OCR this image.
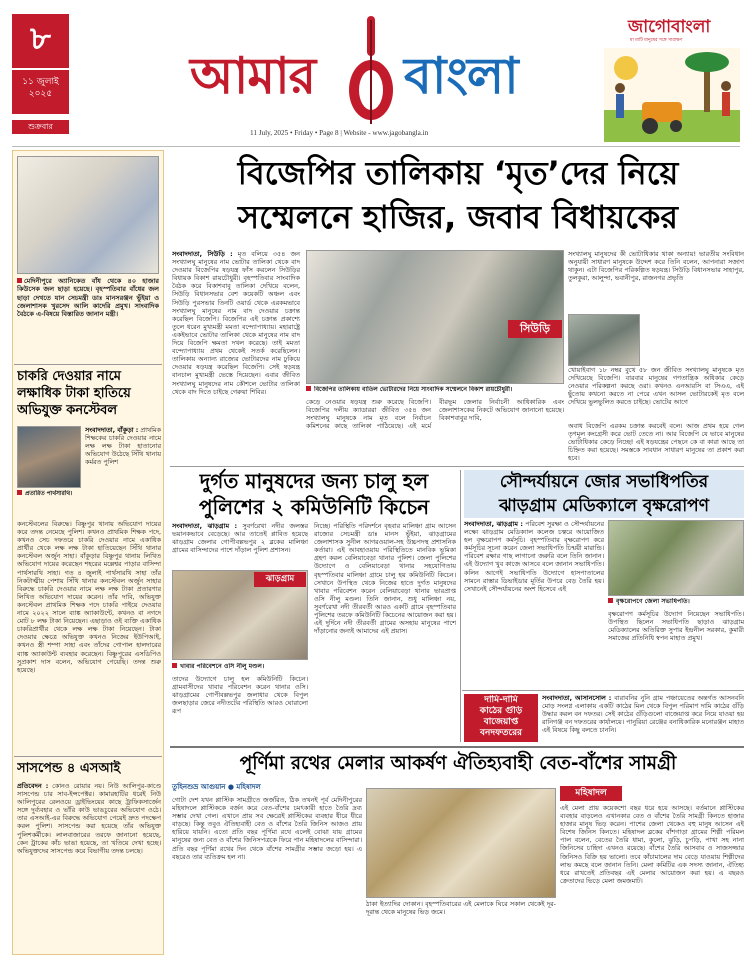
৮
১১ জুলাই ২০২৫
শুক্রবার
আমার বাংলা
11 July, 2025 • Friday • Page 8 | Website - www.jagobangla.in
জাগোবাংলা
মা মাটি মানুষের সঙ্গে সারাক্ষণ
মেদিনীপুরে অ্যানিকেত বাঁধ থেকে ৪০ হাজার কিউসেক জল ছাড়া হয়েছে। বৃহস্পতিবার বাঁধের জল ছাড়া দেখতে যান সেচমন্ত্রী ডাঃ মানসরঞ্জন ভুঁইয়া ও জেলাশাসক খুরসেদ আলি কাদেরি প্রমুখ। সাংবাদিক বৈঠকে এ-বিষয়ে বিস্তারিত জানান মন্ত্রী।
চাকরি দেওয়ার নামে লক্ষাধিক টাকা হাতিয়ে অভিযুক্ত কনস্টেবল
সংবাদদাতা, বাঁকুড়া : প্রাথমিক শিক্ষকের চাকরি দেওয়ার নামে লক্ষ লক্ষ টাকা হাতানোর অভিযোগ উঠেছে সিঁথি থানায় কর্মরত পুলিশ
প্রতারিত পার্থসারথি।
কনস্টেবলের বিরুদ্ধে। বিষ্ণুপুর থানায় অভিযোগ দায়ের করে তদন্ত নেমেছে পুলিশ। কখনও প্রাথমিক শিক্ষক পদে, কখনও সেচ দফতরে চাকরি দেওয়ার নামে একাধিক প্রার্থীর থেকে লক্ষ লক্ষ টাকা হাতিয়েছেন সিঁথি থানার কনস্টেবল অর্জুন সাহা। বাঁকুড়ার বিষ্ণুপুর থানায় লিখিত অভিযোগ দায়ের করেছেন শহরের মল্লেশ্বর পাড়ার বাসিন্দা পার্থসারথি সাহা। গত ৪ জুলাই পার্থসারথি সাহা তাঁর নিকটাত্মীয় পেশায় সিঁথি থানার কনস্টেবল অর্জুন সাহার বিরুদ্ধে চাকরি দেওয়ার নামে লক্ষ লক্ষ টাকা প্রতারণার লিখিত অভিযোগ দায়ের করেন। তাঁর দাবি, অভিযুক্ত কনস্টেবল প্রাথমিক শিক্ষক পদে চাকরি পাইয়ে দেওয়ার নামে ২০২২ সালে ব্যাঙ্ক অ্যাকাউন্টে, কখনও বা নগদে মোট ৮ লক্ষ টাকা নিয়েছেন। এছাড়াও ওই ব্যক্তি একাধিক চাকরিপ্রার্থীর থেকে লক্ষ লক্ষ টাকা নিয়েছেন। টাকা দেওয়ার ক্ষেত্রে অভিযুক্ত কখনও নিজের ইউপিআই, কখনও স্ত্রী শম্পা সাহা এবং তাঁদের গোপাল হালদারের ব্যাঙ্ক অ্যাকাউন্ট ব্যবহার করেছেন। বিষ্ণুপুরের এসডিপিও সুপ্রকাশ দাস বলেন, অভিযোগ পেয়েছি। তদন্ত শুরু হয়েছে।
সাসপেন্ড ৪ এসআই
প্রতিবেদন : কোনও রোয়ার নয়। নিউ আলিপুর-কাণ্ডে সাসপেন্ড চার সাব-ইন্সপেক্টর। কামারহাটির ধরেই নিউ আলিপুরের রেলওয়ে ড্রাইভিংয়ের কাছে ট্রাফিকসার্জেন সঙ্গে দুর্ব্যবহার ও ভাঁরি কাউ ভাঙচুরের অভিযোগ ওঠে। তার এসআই-এর বিরুদ্ধে অভিযোগ পেয়েই দ্রুত পদক্ষেপ করল পুলিশ। সাসপেন্ড করা হয়েছে তাঁর অভিযুক্ত পুলিশকর্মীকে। লালবাজারের তরফে জানানো হয়েছে, কেন ট্রাকের কাঁচ ভাঙা হয়েছে, তা খতিয়ে দেখা হচ্ছে। অভিযুক্তদের সাসপেন্ড করে বিভাগীয় তদন্ত চলছে।
বিজেপির তালিকায় ‘মৃত’দের নিয়ে
সম্মেলনে হাজির, জবাব বিধায়কের
সংবাদদাতা, সিউড়ি : মৃত বলিয়ে ৩৫৪ জন সংখ্যালঘু মানুষের নাম ভোটার তালিকা থেকে বাদ দেওয়ার বিজেপির ষড়যন্ত্র ফাঁস করলেন সিউড়ির বিধায়ক বিকাশ রায়চৌধুরী। বৃহস্পতিবার সাংবাদিক বৈঠক করে বিকাশবাবু তালিকা দেখিয়ে বলেন, সিউড়ি বিধানসভার বেশ কয়েকটি অঞ্চল এবং সিউড়ি পুরসভার তিনটি ওয়ার্ড থেকে এরকমভাবে সংখ্যালঘু মানুষের নাম বাদ দেওয়ার চক্রান্ত করেছিল বিজেপি। বিজেপির এই চক্রান্ত প্রকাশ্যে তুলে ধরেন মুখ্যমন্ত্রী মমতা বন্দ্যোপাধ্যায়। মহারাষ্ট্রে একইভাবে ভোটার তালিকা থেকে মানুষের নাম বাদ দিয়ে বিজেপি ক্ষমতা দখল করেছে। তাই মমতা বন্দ্যোপাধ্যায় প্রথম থেকেই সতর্ক করেছিলেন। তালিকায় অন্যান্য রাজ্যের ভোটারদের নাম ঢুকিয়ে দেওয়ার ষড়যন্ত্র করেছিল বিজেপি। সেই ষড়যন্ত্র বানচাল মুখ্যমন্ত্রী ভেস্তে দিয়েছেন। এবার জীবিত সংখ্যালঘু মানুষদের নাম কৌশলে ভোটার তালিকা থেকে বাদ দিতে চাইছে গেরুয়া শিবির।
সিউড়ি
বিজেপির তালিকায় বাতিল ভোটারদের নিয়ে সাংবাদিক সম্মেলনে বিকাশ রায়চৌধুরী।
কেড়ে নেওয়ার ষড়যন্ত্র শুরু করেছে বিজেপি। বিজেপির দলীয় ক্যাডাররা জীবিত ৩৫৪ জন সংখ্যালঘু মানুষকে নাম মৃত বলে নির্বাচন কমিশনের কাছে তালিকা পাঠিয়েছে। এই মর্মে বীরভূম জেলার নির্বাচনী আধিকারিক এবং জেলাশাসকের নিকটে অভিযোগ জানানো হয়েছে। বিকাশবাবুর দাবি,
সংখ্যালঘু মানুষদের কী ভোটাধিকার থাকা অন্যায়! ভারতীয় সংবিধান অনুযায়ী সাধারণ মানুষকে উদ্দেশ করে তিনি বলেন, আপনারা সজাগ থাকুন। এটা বিজেপির পরিকল্পিত ষড়যন্ত্র। সিউড়ি বিধানসভার সাহাপুর, তুলকুরা, আলুন্দা, ভবানীপুর, রাজনগর প্রভৃতি
খোয়াইবাগ ১৮ নম্বর বুথে ৫৮ জন জীবিত সংখ্যালঘু মানুষকে মৃত দেখিয়েছে বিজেপি। বারবার মানুষের গণতান্ত্রিক অধিকার কেড়ে নেওয়ার পরিকল্পনা করছে ওরা। কখনও এনআরসি বা সিএএ, এই ছুঁতোয় কখনো করতে না পেরে এখন আসল ভোটারকেই মৃত বলে দেখিয়ে ভুলভুলিত করতে চাইছে। ভোটের আগে
অবাধ বিজেপি এরকম চক্রান্ত করবেই বলে। আজ প্রথম হয়ে গেল তৃণমূল কংগ্রেসী করে ভোট তেতে না। আর বিজেপি যে ভাবে মানুষের ভোটাধিকার কেড়ে নিচ্ছে! এই ষড়যন্ত্রের পেছনে কে বা কারা আছে তা চিহ্নিত করা হয়েছে। সমস্তকে সাবধান সাধারণ মানুষের তা প্রকাশ করা হবে।
দুর্গত মানুষদের জন্য চালু হল
পুলিশের ২ কমিউনিটি কিচেন
সংবাদদাতা, ঝাড়গ্রাম : সুবর্ণরেখা নদীর জলস্তর ভয়ানকভাবে বেড়েছে। আর তাতেই প্লাবিত হয়েছে ঝাড়গ্রাম জেলার গোপীবল্লভপুর ২ ব্লকের মালিঞ্চা গ্রামের বাসিন্দাদের পাশে দাঁড়াল পুলিশ প্রশাসন।
ঝাড়গ্রাম
খাবার পরিবেশনে ওসি নীলু মণ্ডল।
তাদের উদ্যোগে চালু হল কমিউনিটি কিচেন। গ্রামবাসীদের খাবার পরিবেশন করেন থানার ওসি। ঝাড়গ্রামের গোপীবল্লভপুর জলাধার থেকে বিপুল জলছাড়ার জেরে নদীতটের পরিস্থিতি আরও ঘোরালো রূপ
নিচ্ছে। পরিস্থিতি পরিদর্শনে বৃহবার মালিঞ্চা গ্রাম আসেন রাজ্যের সেচমন্ত্রী ডাঃ মানস ভুঁইয়া, ঝাড়গ্রামের জেলাশাসক সুনীল আগরওয়াল-সহ উচ্চপদস্থ প্রশাসনিক কর্তারা। এই আবহাওয়ায় পরিস্থিতিতে মানবিক ভূমিকা গ্রহণ করল বেলিয়াবেড়া থানার পুলিশ। জেলা পুলিশের উদ্যোগে ও বেলিয়াবেড়া থানার সহযোগিতায় বৃহস্পতিবার মালিঞ্চা গ্রামে চালু হয় কমিউনিটি কিচেন। সেখানে উপস্থিত থেকে নিজের হাতে দুর্গত মানুষদের খাবার পরিবেশন করেন বেলিয়াবেড়া থানার ভারপ্রাপ্ত ওসি নীলু মণ্ডল। তিনি জানান, শুধু মালিঞ্চা নয়, সুবর্ণরেখা নদী তীরবর্তী আরও একটি গ্রামে বৃহস্পতিবার পুলিশের তরফে কমিউনিটি কিচেনের আয়োজন করা হয়। এই দুর্দিনে নদী তীরবর্তী গ্রামের অসহায় মানুষের পাশে দাঁড়ানোর জন্যই আমাদের এই প্রয়াস।
সৌন্দর্যায়নে জোর সভাধিপতির
ঝাড়গ্রাম মেডিক্যালে বৃক্ষরোপণ
সংবাদদাতা, ঝাড়গ্রাম : পরিবেশ সুরক্ষা ও সৌন্দর্যায়নের লক্ষ্যে ঝাড়গ্রাম মেডিক্যাল কলেজ চত্বরে আয়োজিত হল বৃক্ষরোপণ কর্মসূচি। বৃহস্পতিবার বৃক্ষরোপণ করে কর্মসূচির সূচনা করেন জেলা সভাধিপতি চিন্ময়ী মারান্ডি। পরিবেশ রক্ষার গাছ লাগানো জরুরি বলে তিনি জানান। এই উদ্যোগ খুব কাজে আসবে বলে জানান সভাধিপতি। কলিন আগেই সভাধিপতি উদ্যোগে হাসপাতালের সামনে রাস্তার ডিভাইডার মূর্তির উপরে বেড় তৈরি হয়। সেখানেই সৌন্দর্যায়নের অংশ হিসেবে এই
বৃক্ষরোপণে জেলা সভাধিপতি।
বৃক্ষরোপণ কর্মসূচির উদ্যোগ নিয়েছেন সভাধিপতি। উপস্থিত ছিলেন সভাধিপতি ছাড়াও ঝাড়গ্রাম মেডিক্যালের অতিরিক্ত সুপার ইন্দ্রনীল সরকার, কুমারী সমাজের প্রতিনিধি স্বপন মাহাত প্রমুখ।
দামি-দামি
কাঠের গুঁড়ি
বাজেয়াপ্ত
বনদফতরের
সংবাদদাতা, আসানসোল : বারাবনির নুনি গ্রাম পঞ্চায়েতের অন্তর্গত আসনবনি মোড় সংলগ্ন এলাকায় একটি কাঠের মিল থেকে বিপুল পরিমাণ দামি কাঠের গুঁড়ি উদ্ধার করল বন দফতর। সেই কাঠের গুঁড়িগুলো বাজেয়াপ্ত করে নিয়ে যাওয়া হয় রানিগঞ্জ বন দফতরের কার্যালয়ে। পানুরিয়া রেঞ্জের বনাধিকারিক মনোরঞ্জন মাহাত এই বিষয়ে কিছু বলতে চাননি।
পূর্ণিমা রথের মেলার আকর্ষণ ঐতিহ্যবাহী বেত-বাঁশের সামগ্রী
তুহিনশুভ্র আগুয়ান ● মহিষাদল
গোটা দেশ যখন প্লাস্টিক সামগ্রীতে জর্জরিত, ঠিক তখনই পূর্ব মেদিনীপুরের মহিষাদলে প্লাস্টিককে বর্জন করে বেত-বাঁশের চমৎকারী হাতে তৈরি দ্রব্য সম্ভার দেখা গেল। এখানে প্রায় সব ক্ষেত্রেই প্লাস্টিকের ব্যবহার ধীরে ধীরে বাড়ছে। কিন্তু তবুও ঐতিহ্যবাহী বেত ও বাঁশের তৈরি জিনিস আজও প্রায় হারিয়ে যায়নি। এতো প্রতি বছর পূর্ণিমা রথে এলেই বোঝা যায় গ্রামের মানুষের জন্য বেত ও বাঁশের জিনিসপত্রকে ফিরে পান মহিষাদলের বাসিন্দারা। প্রতি বছর পূর্ণিমা রথের দিন থেকে বাঁশের সামগ্রীর সম্ভার জড়ো হয়। এ বছরেও তার ব্যতিক্রম হল না।
ঠাকা ইত্যাদির দোকান। বৃহস্পতিবারের এই মেলাকে ঘিরে সকাল থেকেই দূর-দূরান্ত থেকে মানুষের ভিড় জমে।
মহিষাদল
এই মেলা প্রায় কয়েকশো বছর ধরে হয়ে আসছে। বর্তমানে প্লাস্টিকের ব্যবহার বাড়লেও এখানকার বেত ও বাঁশের তৈরি সামগ্রী কিনতে হাজার হাজার মানুষ ভিড় করেন। পাশের জেলা থেকেও বহু মানুষ আসেন এই বিশেষ জিনিস কিনতে। মহিষাদল ব্লকের বাঁশগাড়া গ্রামের শিল্পী পরিমল পাল বলেন, বেতের তৈরি ধামা, কুলো, ঝুড়ি, চুপড়ি, পাখা সহ নানা জিনিসের চাহিদা এখনও রয়েছে। বাঁশের তৈরি আসবাব ও সাজসজ্জার জিনিসও বিক্রি হয় ভালো। তবে কাঁচামালের দাম বেড়ে যাওয়ায় শিল্পীদের লাভ কমছে বলে জানান তিনি। মেলা কমিটির এক সদস্য জানান, ঐতিহ্য ধরে রাখতেই প্রতিবছর এই মেলার আয়োজন করা হয়। এ বছরও ক্রেতাদের ভিড়ে মেলা জমজমাট।
